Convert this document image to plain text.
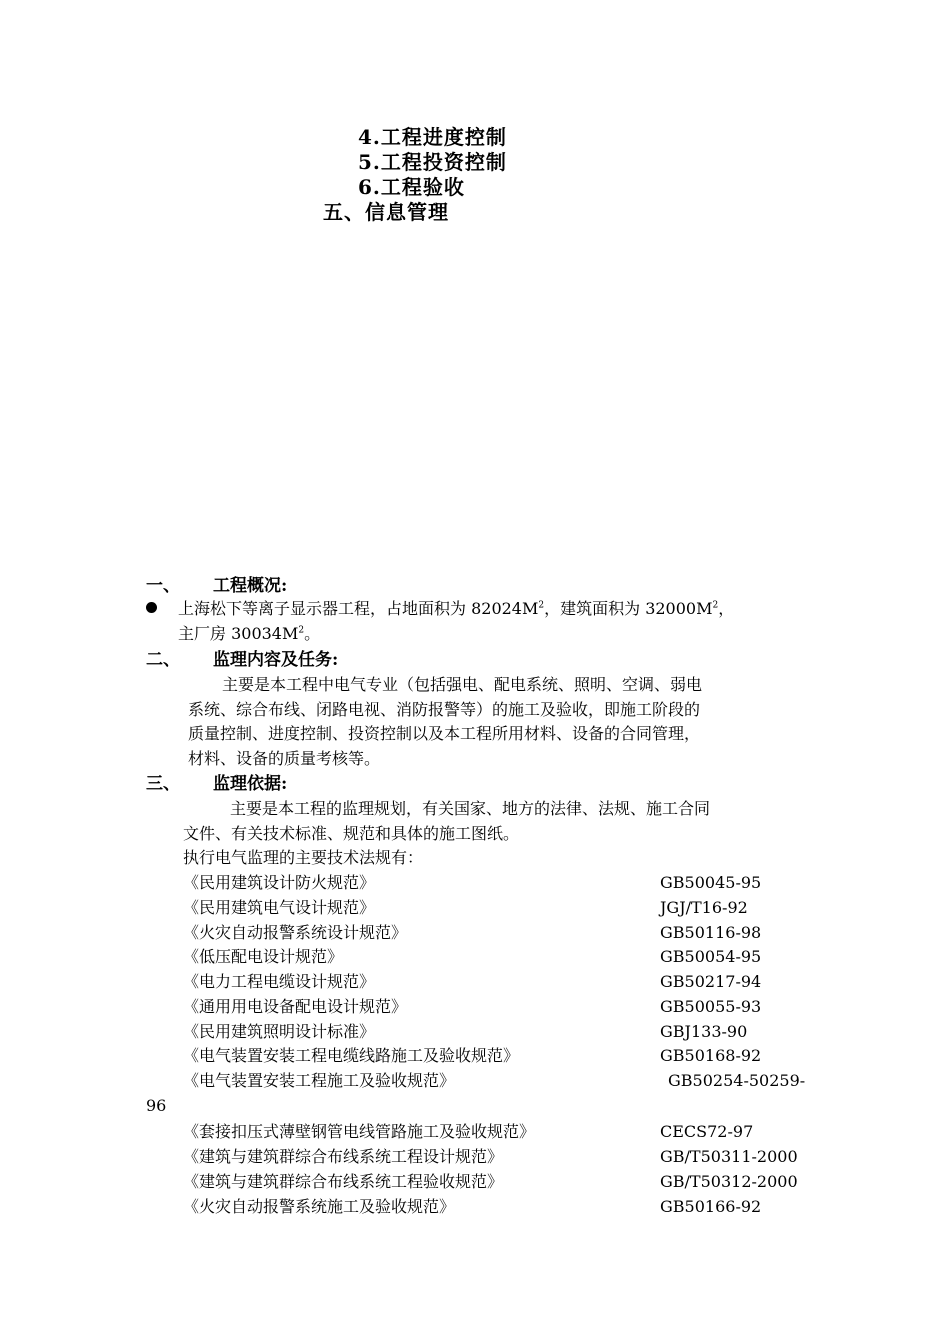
4.工程进度控制
5.工程投资控制
6.工程验收
五、信息管理
一、 工程概况:
上海松下等离子显示器工程，占地面积为 $82024M^2$，建筑面积为 $32000M^2$，
主厂房 $30034M^2$。
二、 监理内容及任务:
主要是本工程中电气专业（包括强电、配电系统、照明、空调、弱电
系统、综合布线、闭路电视、消防报警等）的施工及验收，即施工阶段的
质量控制、进度控制、投资控制以及本工程所用材料、设备的合同管理，
材料、设备的质量考核等。
三、 监理依据:
主要是本工程的监理规划，有关国家、地方的法律、法规、施工合同
文件、有关技术标准、规范和具体的施工图纸。
执行电气监理的主要技术法规有：
《民用建筑设计防火规范》	GB50045-95
《民用建筑电气设计规范》	JGJ/T16-92
《火灾自动报警系统设计规范》	GB50116-98
《低压配电设计规范》	GB50054-95
《电力工程电缆设计规范》	GB50217-94
《通用用电设备配电设计规范》	GB50055-93
《民用建筑照明设计标准》	GBJ133-90
《电气装置安装工程电缆线路施工及验收规范》	GB50168-92
《电气装置安装工程施工及验收规范》	GB50254-50259-
96
《套接扣压式薄壁钢管电线管路施工及验收规范》	CECS72-97
《建筑与建筑群综合布线系统工程设计规范》	GB/T50311-2000
《建筑与建筑群综合布线系统工程验收规范》	GB/T50312-2000
《火灾自动报警系统施工及验收规范》	GB50166-92
